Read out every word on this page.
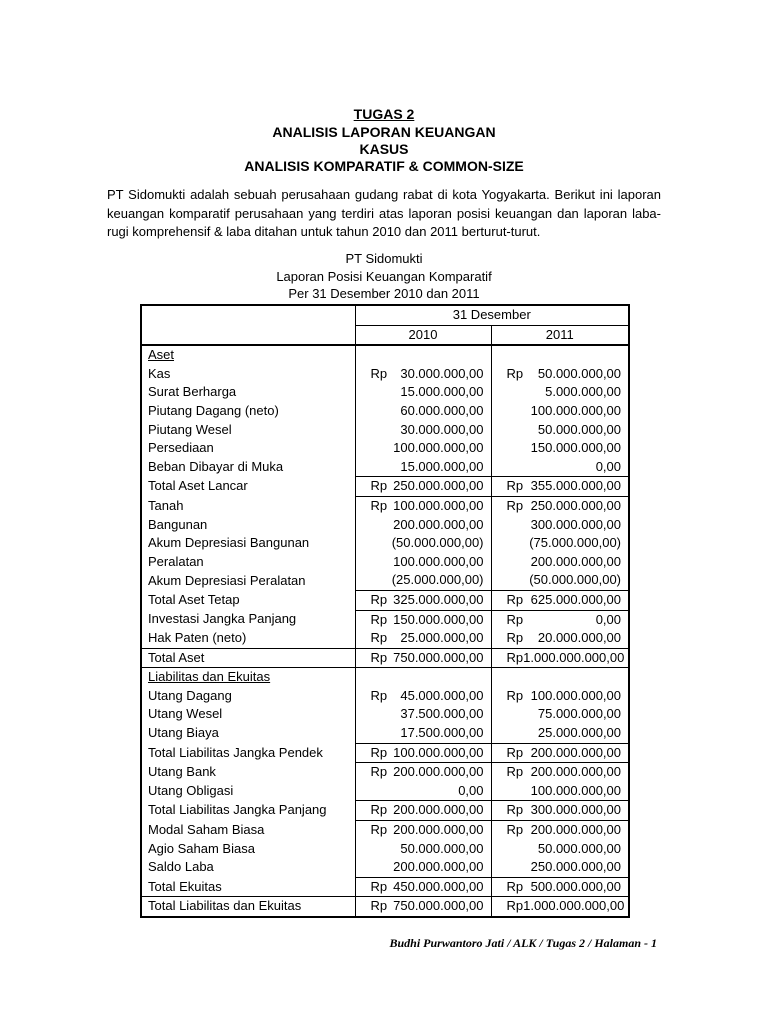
TUGAS 2
ANALISIS LAPORAN KEUANGAN
KASUS
ANALISIS KOMPARATIF & COMMON-SIZE
PT Sidomukti adalah sebuah perusahaan gudang rabat di kota Yogyakarta. Berikut ini laporan keuangan komparatif perusahaan yang terdiri atas laporan posisi keuangan dan laporan laba-rugi komprehensif & laba ditahan untuk tahun 2010 dan 2011 berturut-turut.
PT Sidomukti
Laporan Posisi Keuangan Komparatif
Per 31 Desember 2010 dan 2011
	31 Desember	
	2010	2011
Aset		
Kas	Rp 30.000.000,00	Rp 50.000.000,00

Surat Berharga	15.000.000,00	5.000.000,00

Piutang Dagang (neto)	60.000.000,00	100.000.000,00

Piutang Wesel	30.000.000,00	50.000.000,00

Persediaan	100.000.000,00	150.000.000,00

Beban Dibayar di Muka	15.000.000,00	0,00

Total Aset Lancar	Rp 250.000.000,00	Rp 355.000.000,00

Tanah	Rp 100.000.000,00	Rp 250.000.000,00

Bangunan	200.000.000,00	300.000.000,00

Akum Depresiasi Bangunan	(50.000.000,00)	(75.000.000,00)

Peralatan	100.000.000,00	200.000.000,00

Akum Depresiasi Peralatan	(25.000.000,00)	(50.000.000,00)

Total Aset Tetap	Rp 325.000.000,00	Rp 625.000.000,00

Investasi Jangka Panjang	Rp 150.000.000,00	Rp 0,00

Hak Paten (neto)	Rp 25.000.000,00	Rp 20.000.000,00

Total Aset	Rp 750.000.000,00	Rp 1.000.000.000,00

Liabilitas dan Ekuitas		
Utang Dagang	Rp 45.000.000,00	Rp 100.000.000,00

Utang Wesel	37.500.000,00	75.000.000,00

Utang Biaya	17.500.000,00	25.000.000,00

Total Liabilitas Jangka Pendek	Rp 100.000.000,00	Rp 200.000.000,00

Utang Bank	Rp 200.000.000,00	Rp 200.000.000,00

Utang Obligasi	0,00	100.000.000,00

Total Liabilitas Jangka Panjang	Rp 200.000.000,00	Rp 300.000.000,00

Modal Saham Biasa	Rp 200.000.000,00	Rp 200.000.000,00

Agio Saham Biasa	50.000.000,00	50.000.000,00

Saldo Laba	200.000.000,00	250.000.000,00

Total Ekuitas	Rp 450.000.000,00	Rp 500.000.000,00

Total Liabilitas dan Ekuitas	Rp 750.000.000,00	Rp 1.000.000.000,00
Budhi Purwantoro Jati / ALK / Tugas 2 / Halaman - 1
